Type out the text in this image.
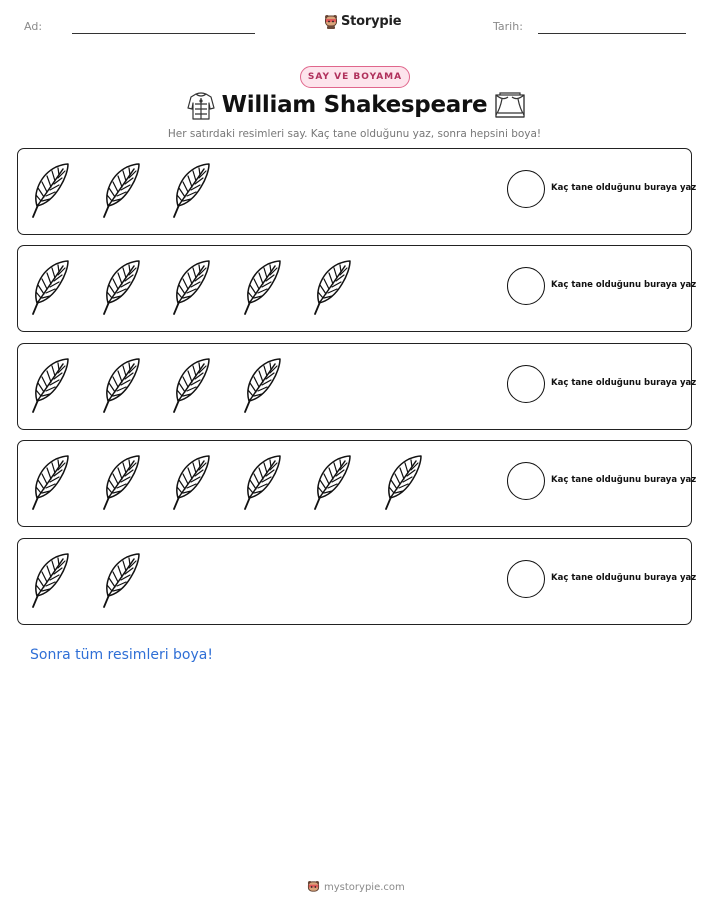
Ad:	Storypie	Tarih:
SAY VE BOYAMA
William Shakespeare
Her satırdaki resimleri say. Kaç tane olduğunu yaz, sonra hepsini boya!
Kaç tane olduğunu buraya yaz
Kaç tane olduğunu buraya yaz
Kaç tane olduğunu buraya yaz
Kaç tane olduğunu buraya yaz
Kaç tane olduğunu buraya yaz
Sonra tüm resimleri boya!
mystorypie.com
